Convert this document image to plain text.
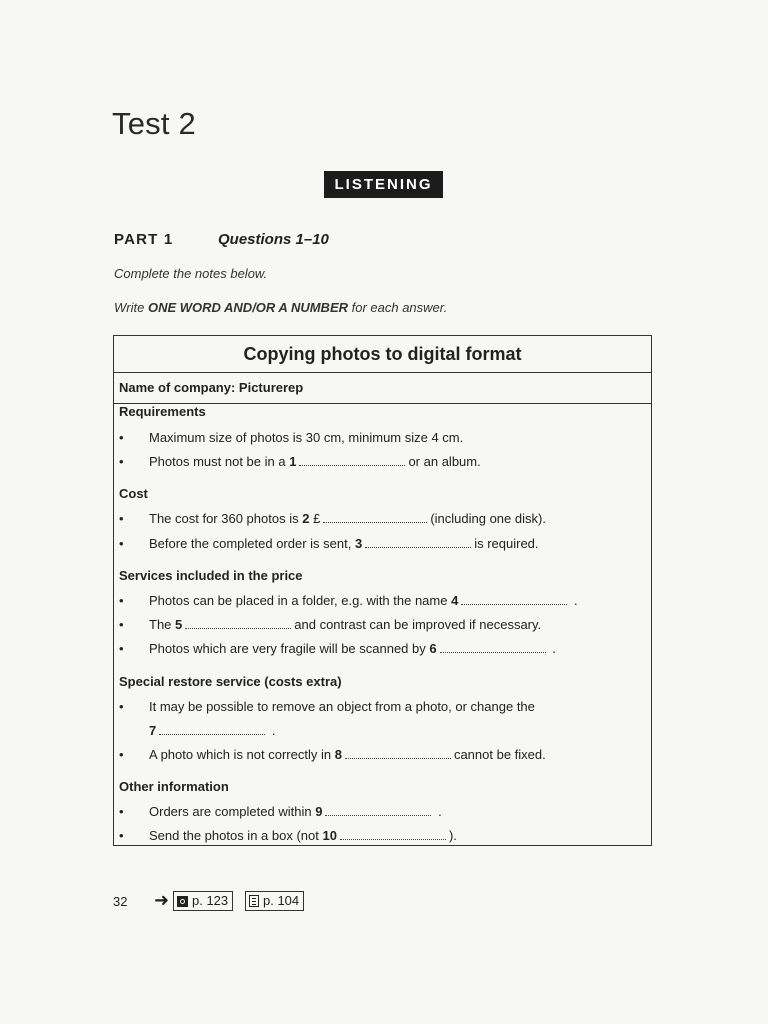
Test 2
LISTENING
PART 1	Questions 1–10
Complete the notes below.
Write ONE WORD AND/OR A NUMBER for each answer.
Copying photos to digital format
Name of company: Picturerep
Requirements
• Maximum size of photos is 30 cm, minimum size 4 cm.
• Photos must not be in a 1	or an album.
Cost
• The cost for 360 photos is 2 £	(including one disk).
• Before the completed order is sent, 3	is required.
Services included in the price
• Photos can be placed in a folder, e.g. with the name 4	.
• The 5	and contrast can be improved if necessary.
• Photos which are very fragile will be scanned by 6	.
Special restore service (costs extra)
• It may be possible to remove an object from a photo, or change the
7	.
• A photo which is not correctly in 8	cannot be fixed.
Other information
• Orders are completed within 9	.
• Send the photos in a box (not 10	).
32 ➜ p. 123	p. 104
